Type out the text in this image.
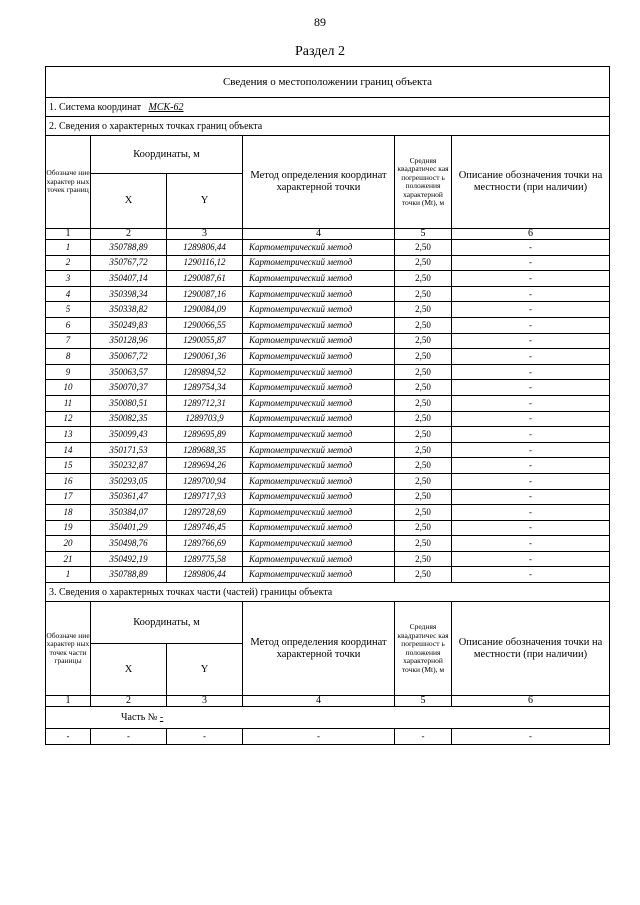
89
Раздел 2
Сведения о местоположении границ объекта					
1. Система координат МСК-62					
2. Сведения о характерных точках границ объекта					
Обозначе ние характер ных точек границ	Координаты, м		Метод определения координат характерной точки	Средняя квадратичес кая погрешност ь положения характерной точки (Mt), м	Описание обозначения точки на местности (при наличии)
	X	Y			
1	2	3	4	5	6
1	350788,89	1289806,44	Картометрический метод	2,50	-
2	350767,72	1290116,12	Картометрический метод	2,50	-
3	350407,14	1290087,61	Картометрический метод	2,50	-
4	350398,34	1290087,16	Картометрический метод	2,50	-
5	350338,82	1290084,09	Картометрический метод	2,50	-
6	350249,83	1290066,55	Картометрический метод	2,50	-
7	350128,96	1290055,87	Картометрический метод	2,50	-
8	350067,72	1290061,36	Картометрический метод	2,50	-
9	350063,57	1289894,52	Картометрический метод	2,50	-
10	350070,37	1289754,34	Картометрический метод	2,50	-
11	350080,51	1289712,31	Картометрический метод	2,50	-
12	350082,35	1289703,9	Картометрический метод	2,50	-
13	350099,43	1289695,89	Картометрический метод	2,50	-
14	350171,53	1289688,35	Картометрический метод	2,50	-
15	350232,87	1289694,26	Картометрический метод	2,50	-
16	350293,05	1289700,94	Картометрический метод	2,50	-
17	350361,47	1289717,93	Картометрический метод	2,50	-
18	350384,07	1289728,69	Картометрический метод	2,50	-
19	350401,29	1289746,45	Картометрический метод	2,50	-
20	350498,76	1289766,69	Картометрический метод	2,50	-
21	350492,19	1289775,58	Картометрический метод	2,50	-
1	350788,89	1289806,44	Картометрический метод	2,50	-
3. Сведения о характерных точках части (частей) границы объекта					
Обозначе ние характер ных точек части границы	Координаты, м		Метод определения координат характерной точки	Средняя квадратичес кая погрешност ь положения характерной точки (Mt), м	Описание обозначения точки на местности (при наличии)
	X	Y			
1	2	3	4	5	6
Часть № -					
-	-	-	-	-	-
